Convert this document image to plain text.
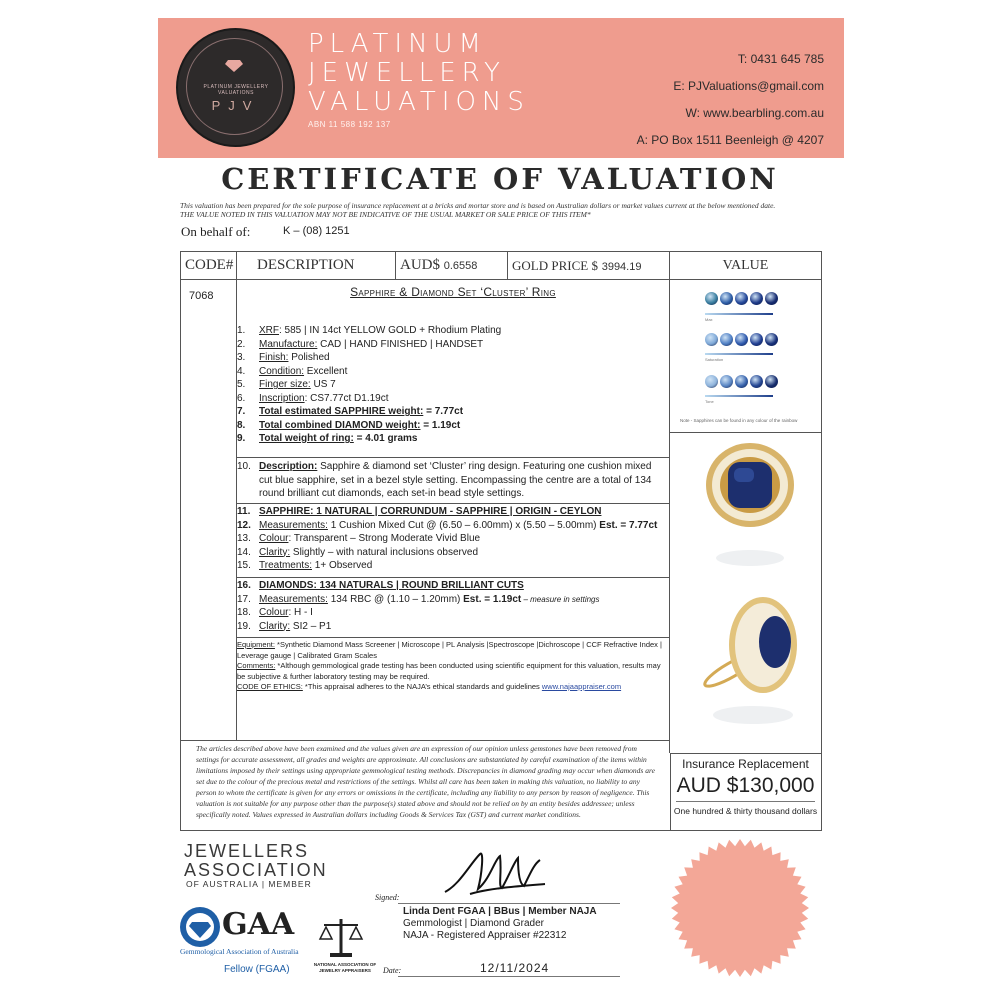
PLATINUM JEWELLERY VALUATIONS
PJV
PLATINUM
JEWELLERY
VALUATIONS
ABN 11 588 192 137
T: 0431 645 785
E: PJValuations@gmail.com
W: www.bearbling.com.au
A: PO Box 1511 Beenleigh @ 4207
CERTIFICATE OF VALUATION
This valuation has been prepared for the sole purpose of insurance replacement at a bricks and mortar store and is based on Australian dollars or market values current at the below mentioned date.
THE VALUE NOTED IN THIS VALUATION MAY NOT BE INDICATIVE OF THE USUAL MARKET OR SALE PRICE OF THIS ITEM*
On behalf of:	K – (08) 1251
CODE#	DESCRIPTION	AUD$ 0.6558	GOLD PRICE $ 3994.19	VALUE
7068	Sapphire & Diamond Set ‘Cluster’ Ring
1. XRF: 585 | IN 14ct YELLOW GOLD + Rhodium Plating
2. Manufacture: CAD | HAND FINISHED | HANDSET
3. Finish: Polished
4. Condition: Excellent
5. Finger size: US 7
6. Inscription: CS7.77ct D1.19ct
7. Total estimated SAPPHIRE weight: = 7.77ct
8. Total combined DIAMOND weight: = 1.19ct
9. Total weight of ring: = 4.01 grams
10. Description: Sapphire & diamond set ‘Cluster’ ring design. Featuring one cushion mixed cut blue sapphire, set in a bezel style setting. Encompassing the centre are a total of 134 round brilliant cut diamonds, each set-in bead style settings.
11. SAPPHIRE: 1 NATURAL | CORRUNDUM - SAPPHIRE | ORIGIN - CEYLON
12. Measurements: 1 Cushion Mixed Cut @ (6.50 – 6.00mm) x (5.50 – 5.00mm) Est. = 7.77ct
13. Colour: Transparent – Strong Moderate Vivid Blue
14. Clarity: Slightly – with natural inclusions observed
15. Treatments: 1+ Observed
16. DIAMONDS: 134 NATURALS | ROUND BRILLIANT CUTS
17. Measurements: 134 RBC @ (1.10 – 1.20mm) Est. = 1.19ct – measure in settings
18. Colour: H - I
19. Clarity: SI2 – P1
Equipment: *Synthetic Diamond Mass Screener | Microscope | PL Analysis |Spectroscope |Dichroscope | CCF Refractive Index | Leverage gauge | Calibrated Gram Scales
Comments: *Although gemmological grade testing has been conducted using scientific equipment for this valuation, results may be subjective & further laboratory testing may be required.
CODE OF ETHICS: *This appraisal adheres to the NAJA’s ethical standards and guidelines www.najaappraiser.com
Max
Saturation
Tone
Note - Sapphires can be found in any colour of the rainbow
Insurance Replacement
AUD $130,000
One hundred & thirty thousand dollars
The articles described above have been examined and the values given are an expression of our opinion unless gemstones have been removed from settings for accurate assessment, all grades and weights are approximate. All conclusions are substantiated by careful examination of the items within limitations imposed by their settings using appropriate gemmological testing methods. Discrepancies in diamond grading may occur when diamonds are set due to the colour of the precious metal and restrictions of the settings. Whilst all care has been taken in making this valuation, no liability to any person to whom the certificate is given for any errors or omissions in the certificate, including any liability to any person by reason of negligence. This valuation is not suitable for any purpose other than the purpose(s) stated above and should not be relied on by an entity besides addressee; unless specifically noted. Values expressed in Australian dollars including Goods & Services Tax (GST) and current market conditions.
JEWELLERS
ASSOCIATION
OF AUSTRALIA | MEMBER
GAA
Gemmological Association of Australia
Fellow (FGAA)	NATIONAL ASSOCIATION OF JEWELRY APPRAISERS
Signed:
Linda Dent FGAA | BBus | Member NAJA
Gemmologist | Diamond Grader
NAJA - Registered Appraiser #22312
Date:	12/11/2024
